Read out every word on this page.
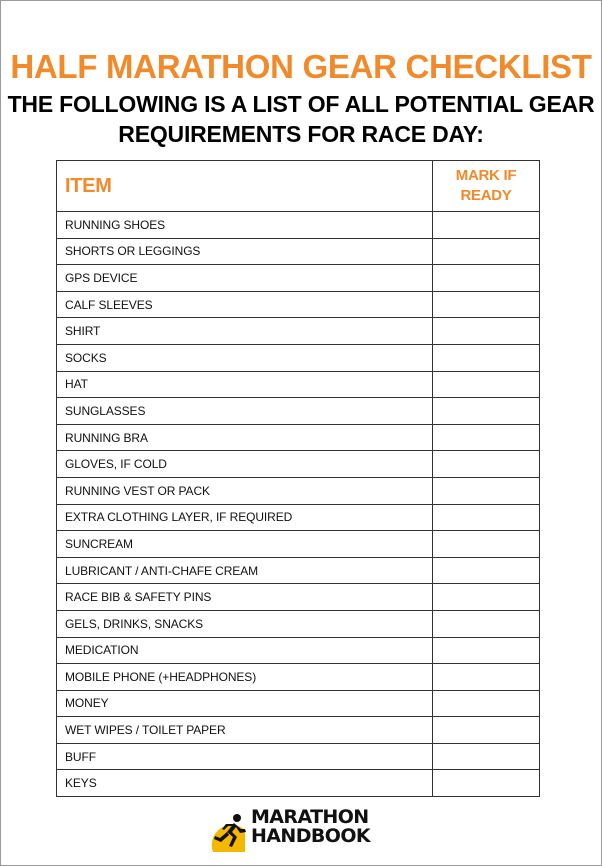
HALF MARATHON GEAR CHECKLIST
THE FOLLOWING IS A LIST OF ALL POTENTIAL GEAR
REQUIREMENTS FOR RACE DAY:
ITEM	MARK IF
READY

RUNNING SHOES	
SHORTS OR LEGGINGS	
GPS DEVICE	
CALF SLEEVES	
SHIRT	
SOCKS	
HAT	
SUNGLASSES	
RUNNING BRA	
GLOVES, IF COLD	
RUNNING VEST OR PACK	
EXTRA CLOTHING LAYER, IF REQUIRED	
SUNCREAM	
LUBRICANT / ANTI-CHAFE CREAM	
RACE BIB & SAFETY PINS	
GELS, DRINKS, SNACKS	
MEDICATION	
MOBILE PHONE (+HEADPHONES)	
MONEY	
WET WIPES / TOILET PAPER	
BUFF	
KEYS	
MARATHON
HANDBOOK
